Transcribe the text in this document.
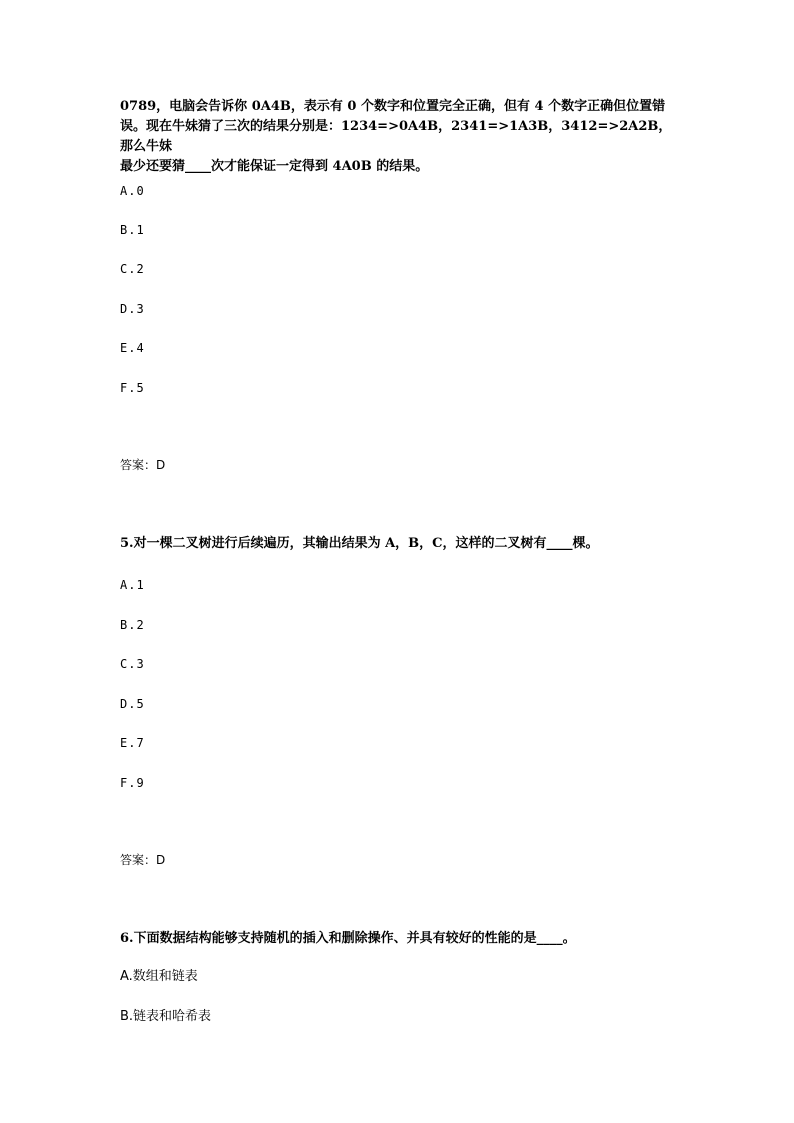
0789，电脑会告诉你 0A4B，表示有 0 个数字和位置完全正确，但有 4 个数字正确但位置错
误。现在牛妹猜了三次的结果分别是：1234=>0A4B，2341=>1A3B，3412=>2A2B，那么牛妹
最少还要猜____次才能保证一定得到 4A0B 的结果。
A.0
B.1
C.2
D.3
E.4
F.5
答案：D
5.对一棵二叉树进行后续遍历，其输出结果为 A，B，C，这样的二叉树有____棵。
A.1
B.2
C.3
D.5
E.7
F.9
答案：D
6.下面数据结构能够支持随机的插入和删除操作、并具有较好的性能的是____。
A.数组和链表
B.链表和哈希表
